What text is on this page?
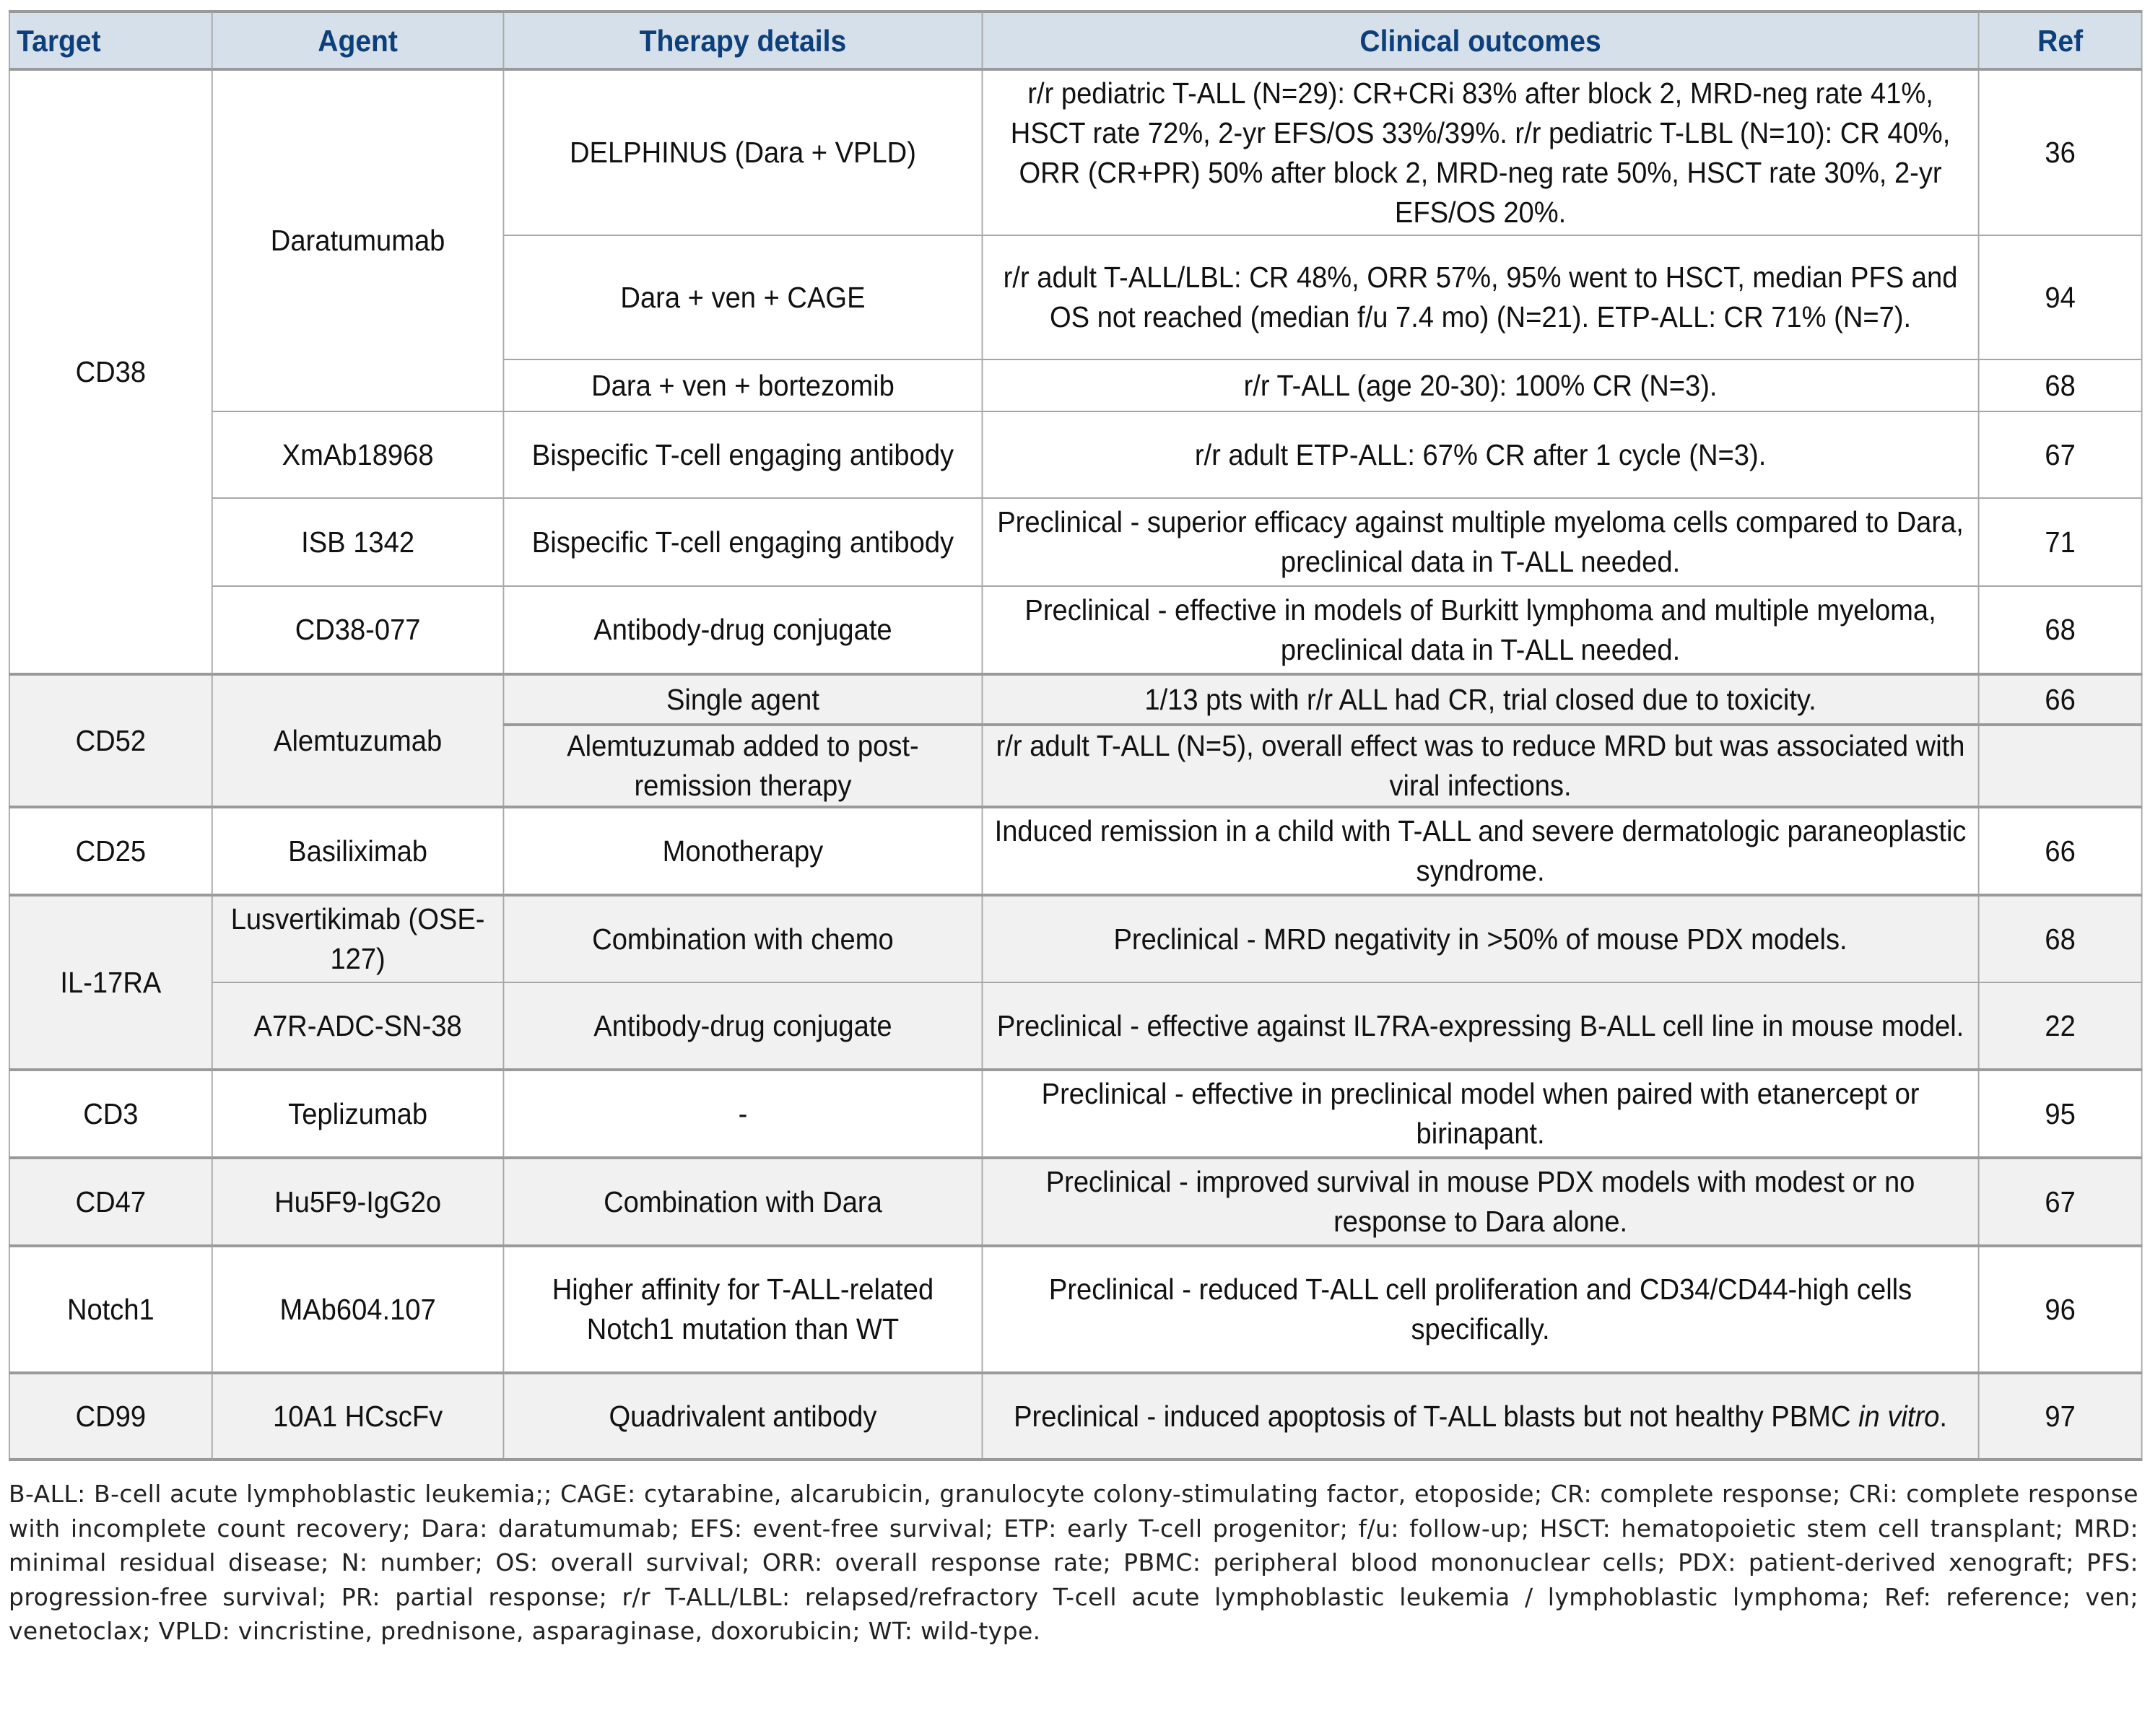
Target	Agent	Therapy details	Clinical outcomes	Ref
CD38	Daratumumab	DELPHINUS (Dara + VPLD)	r/r pediatric T-ALL (N=29): CR+CRi 83% after block 2, MRD-neg rate 41%, HSCT rate 72%, 2-yr EFS/OS 33%/39%. r/r pediatric T-LBL (N=10): CR 40%, ORR (CR+PR) 50% after block 2, MRD-neg rate 50%, HSCT rate 30%, 2-yr EFS/OS 20%.	36
		Dara + ven + CAGE	r/r adult T-ALL/LBL: CR 48%, ORR 57%, 95% went to HSCT, median PFS and OS not reached (median f/u 7.4 mo) (N=21). ETP-ALL: CR 71% (N=7).	94
		Dara + ven + bortezomib	r/r T-ALL (age 20-30): 100% CR (N=3).	68
	XmAb18968	Bispecific T-cell engaging antibody	r/r adult ETP-ALL: 67% CR after 1 cycle (N=3).	67
	ISB 1342	Bispecific T-cell engaging antibody	Preclinical - superior efficacy against multiple myeloma cells compared to Dara, preclinical data in T-ALL needed.	71
	CD38-077	Antibody-drug conjugate	Preclinical - effective in models of Burkitt lymphoma and multiple myeloma, preclinical data in T-ALL needed.	68
CD52	Alemtuzumab	Single agent	1/13 pts with r/r ALL had CR, trial closed due to toxicity.	66
		Alemtuzumab added to post-remission therapy	r/r adult T-ALL (N=5), overall effect was to reduce MRD but was associated with viral infections.	
CD25	Basiliximab	Monotherapy	Induced remission in a child with T-ALL and severe dermatologic paraneoplastic syndrome.	66
IL-17RA	Lusvertikimab (OSE-127)	Combination with chemo	Preclinical - MRD negativity in >50% of mouse PDX models.	68
	A7R-ADC-SN-38	Antibody-drug conjugate	Preclinical - effective against IL7RA-expressing B-ALL cell line in mouse model.	22
CD3	Teplizumab	-	Preclinical - effective in preclinical model when paired with etanercept or birinapant.	95
CD47	Hu5F9-IgG2o	Combination with Dara	Preclinical - improved survival in mouse PDX models with modest or no response to Dara alone.	67
Notch1	MAb604.107	Higher affinity for T-ALL-related Notch1 mutation than WT	Preclinical - reduced T-ALL cell proliferation and CD34/CD44-high cells specifically.	96
CD99	10A1 HCscFv	Quadrivalent antibody	Preclinical - induced apoptosis of T-ALL blasts but not healthy PBMC in vitro.	97
B-ALL: B-cell acute lymphoblastic leukemia;; CAGE: cytarabine, alcarubicin, granulocyte colony-stimulating factor, etoposide; CR: complete response; CRi: complete response with incomplete count recovery; Dara: daratumumab; EFS: event-free survival; ETP: early T-cell progenitor; f/u: follow-up; HSCT: hematopoietic stem cell transplant; MRD: minimal residual disease; N: number; OS: overall survival; ORR: overall response rate; PBMC: peripheral blood mononuclear cells; PDX: patient-derived xenograft; PFS: progression-free survival; PR: partial response; r/r T-ALL/LBL: relapsed/refractory T-cell acute lymphoblastic leukemia / lymphoblastic lymphoma; Ref: reference; ven; venetoclax; VPLD: vincristine, prednisone, asparaginase, doxorubicin; WT: wild-type.
